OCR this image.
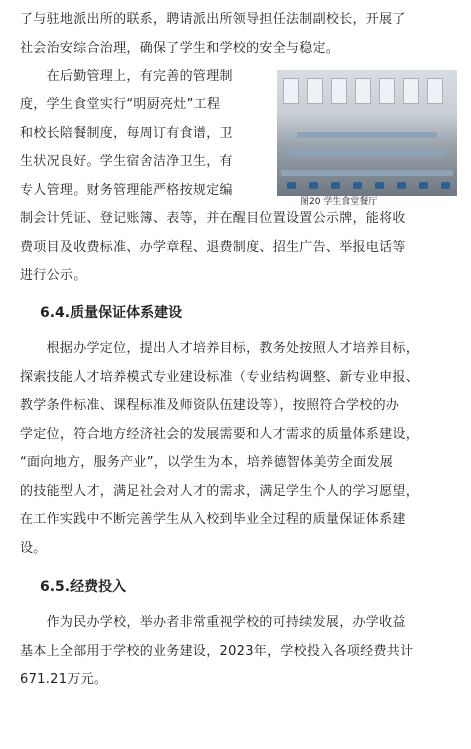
了与驻地派出所的联系，聘请派出所领导担任法制副校长，开展了
社会治安综合治理，确保了学生和学校的安全与稳定。
　　在后勤管理上，有完善的管理制
度，学生食堂实行“明厨亮灶”工程
和校长陪餐制度，每周订有食谱，卫
生状况良好。学生宿舍洁净卫生，有
专人管理。财务管理能严格按规定编
图20 学生食堂餐厅
制会计凭证、登记账簿、表等，并在醒目位置设置公示牌，能将收
费项目及收费标准、办学章程、退费制度、招生广告、举报电话等
进行公示。
6.4.质量保证体系建设
　　根据办学定位，提出人才培养目标，教务处按照人才培养目标，
探索技能人才培养模式专业建设标准（专业结构调整、新专业申报、
教学条件标准、课程标准及师资队伍建设等），按照符合学校的办
学定位，符合地方经济社会的发展需要和人才需求的质量体系建设，
“面向地方，服务产业”，以学生为本，培养德智体美劳全面发展
的技能型人才，满足社会对人才的需求，满足学生个人的学习愿望，
在工作实践中不断完善学生从入校到毕业全过程的质量保证体系建
设。
6.5.经费投入
　　作为民办学校，举办者非常重视学校的可持续发展，办学收益
基本上全部用于学校的业务建设，2023年，学校投入各项经费共计
671.21万元。
